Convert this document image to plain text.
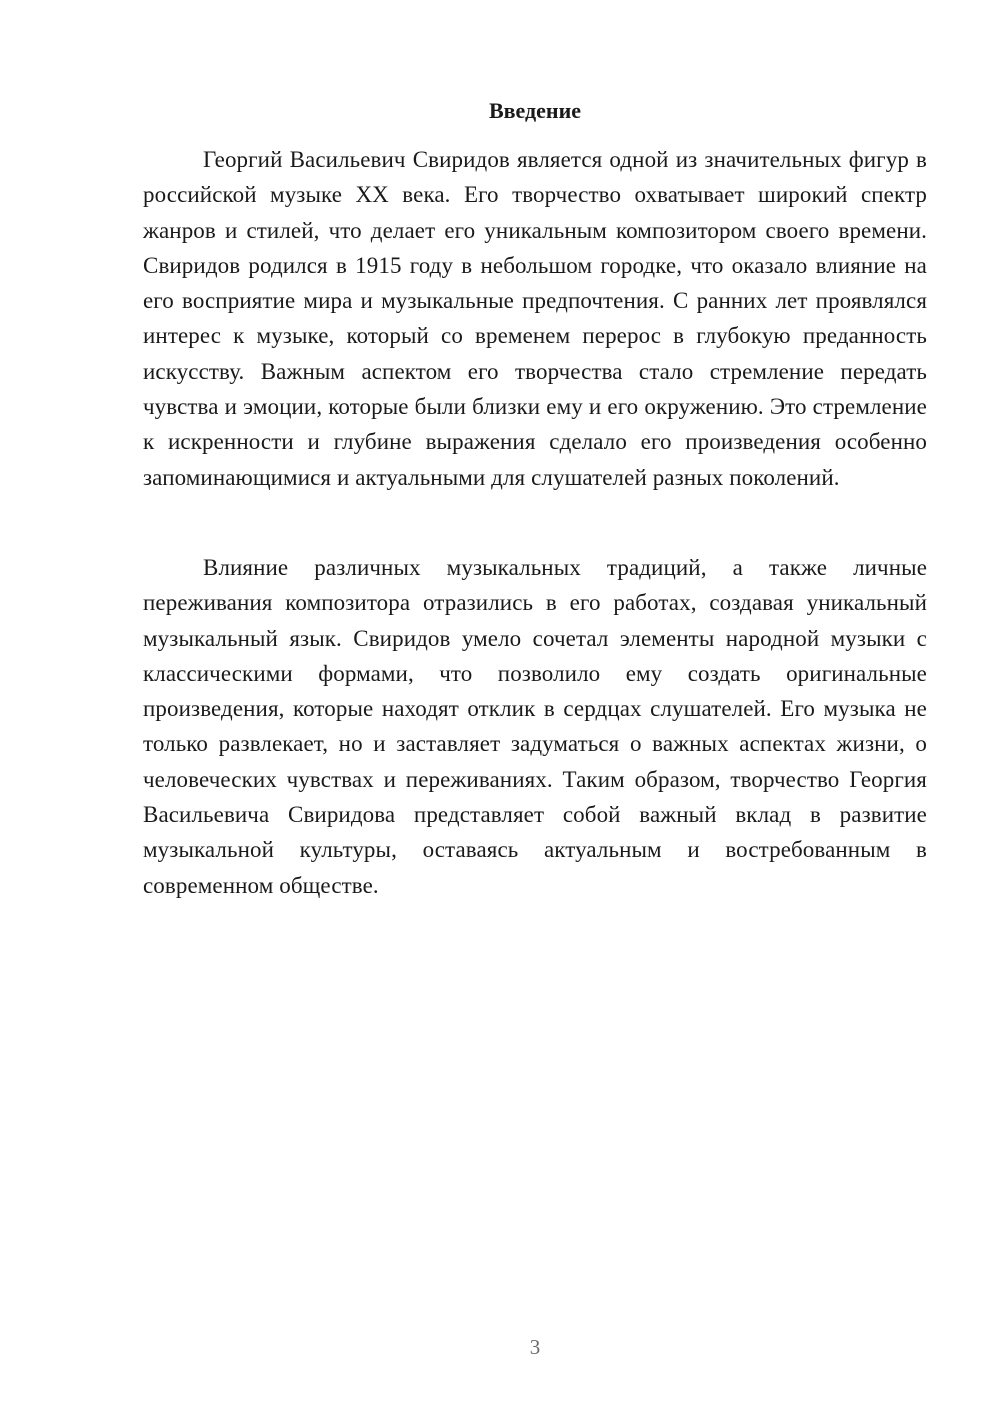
Введение

Георгий Васильевич Свиридов является одной из значительных фигур в российской музыке XX века. Его творчество охватывает широкий спектр жанров и стилей, что делает его уникальным композитором своего времени. Свиридов родился в 1915 году в небольшом городке, что оказало влияние на его восприятие мира и музыкальные предпочтения. С ранних лет проявлялся интерес к музыке, который со временем перерос в глубокую преданность искусству. Важным аспектом его творчества стало стремление передать чувства и эмоции, которые были близки ему и его окружению. Это стремление к искренности и глубине выражения сделало его произведения особенно запоминающимися и актуальными для слушателей разных поколений.

Влияние различных музыкальных традиций, а также личные переживания композитора отразились в его работах, создавая уникальный музыкальный язык. Свиридов умело сочетал элементы народной музыки с классическими формами, что позволило ему создать оригинальные произведения, которые находят отклик в сердцах слушателей. Его музыка не только развлекает, но и заставляет задуматься о важных аспектах жизни, о человеческих чувствах и переживаниях. Таким образом, творчество Георгия Васильевича Свиридова представляет собой важный вклад в развитие музыкальной культуры, оставаясь актуальным и востребованным в современном обществе.

3
